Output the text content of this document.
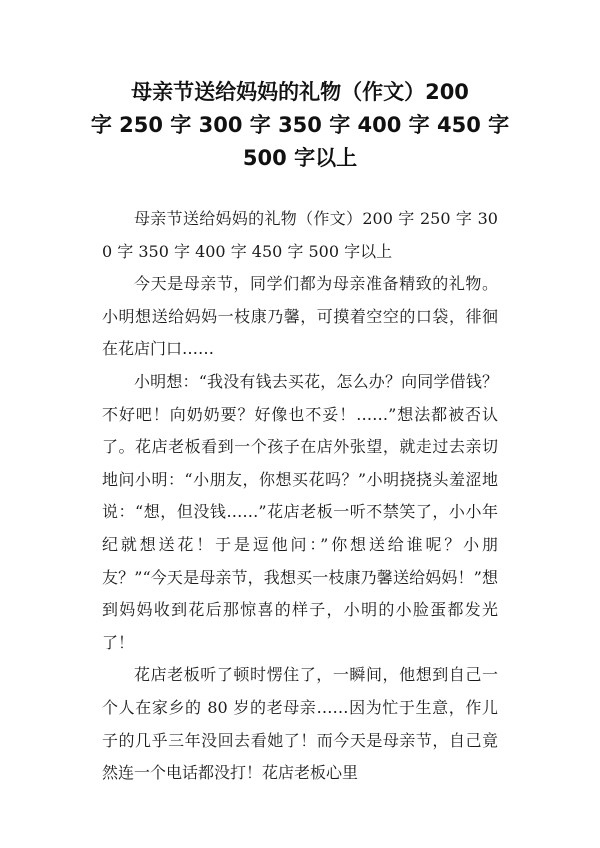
母亲节送给妈妈的礼物（作文）200
字 250 字 300 字 350 字 400 字 450 字
500 字以上

母亲节送给妈妈的礼物（作文）200 字 250 字 300 字 350 字 400 字 450 字 500 字以上

今天是母亲节，同学们都为母亲准备精致的礼物。小明想送给妈妈一枝康乃馨，可摸着空空的口袋，徘徊在花店门口……

小明想：“我没有钱去买花，怎么办？向同学借钱？不好吧！向奶奶要？好像也不妥！……”想法都被否认了。花店老板看到一个孩子在店外张望，就走过去亲切地问小明：“小朋友，你想买花吗？”小明挠挠头羞涩地说：“想，但没钱……”花店老板一听不禁笑了，小小年纪就想送花！于是逗他问：”你想送给谁呢？小朋友？”“今天是母亲节，我想买一枝康乃馨送给妈妈！”想到妈妈收到花后那惊喜的样子，小明的小脸蛋都发光了！

花店老板听了顿时愣住了，一瞬间，他想到自己一个人在家乡的 80 岁的老母亲……因为忙于生意，作儿子的几乎三年没回去看她了！而今天是母亲节，自己竟然连一个电话都没打！花店老板心里
